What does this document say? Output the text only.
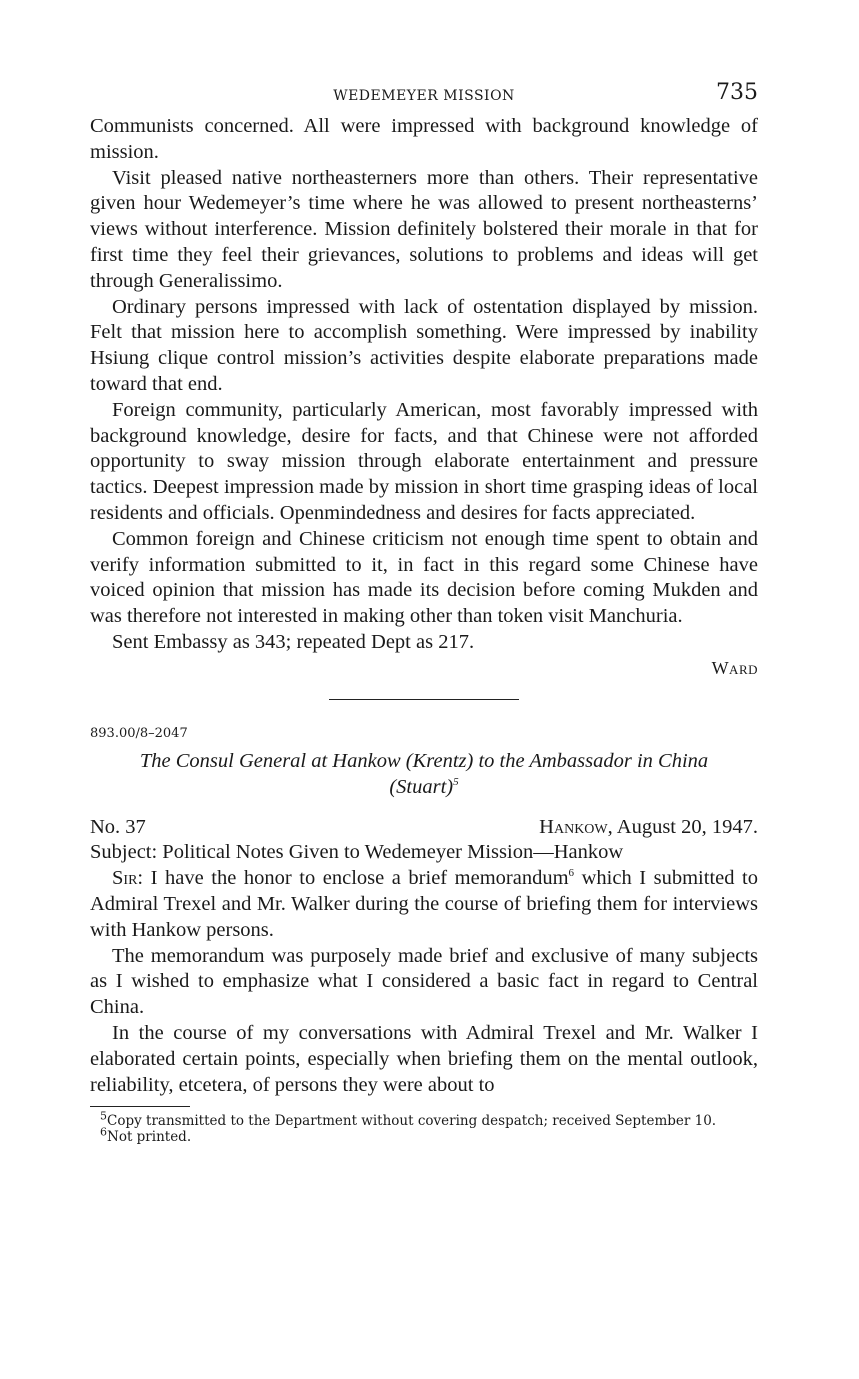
WEDEMEYER MISSION	735

Communists concerned. All were impressed with background knowledge of mission.

Visit pleased native northeasterners more than others. Their representative given hour Wedemeyer’s time where he was allowed to present northeasterns’ views without interference. Mission definitely bolstered their morale in that for first time they feel their grievances, solutions to problems and ideas will get through Generalissimo.

Ordinary persons impressed with lack of ostentation displayed by mission. Felt that mission here to accomplish something. Were impressed by inability Hsiung clique control mission’s activities despite elaborate preparations made toward that end.

Foreign community, particularly American, most favorably impressed with background knowledge, desire for facts, and that Chinese were not afforded opportunity to sway mission through elaborate entertainment and pressure tactics. Deepest impression made by mission in short time grasping ideas of local residents and officials. Openmindedness and desires for facts appreciated.

Common foreign and Chinese criticism not enough time spent to obtain and verify information submitted to it, in fact in this regard some Chinese have voiced opinion that mission has made its decision before coming Mukden and was therefore not interested in making other than token visit Manchuria.

Sent Embassy as 343; repeated Dept as 217.

Ward
893.00/8–2047
The Consul General at Hankow (Krentz) to the Ambassador in China
(Stuart)$^5$
No. 37	Hankow, August 20, 1947.

Subject: Political Notes Given to Wedemeyer Mission—Hankow

Sir: I have the honor to enclose a brief memorandum$^6$ which I submitted to Admiral Trexel and Mr. Walker during the course of briefing them for interviews with Hankow persons.

The memorandum was purposely made brief and exclusive of many subjects as I wished to emphasize what I considered a basic fact in regard to Central China.

In the course of my conversations with Admiral Trexel and Mr. Walker I elaborated certain points, especially when briefing them on the mental outlook, reliability, etcetera, of persons they were about to

$^5$Copy transmitted to the Department without covering despatch; received September 10.

$^6$Not printed.
